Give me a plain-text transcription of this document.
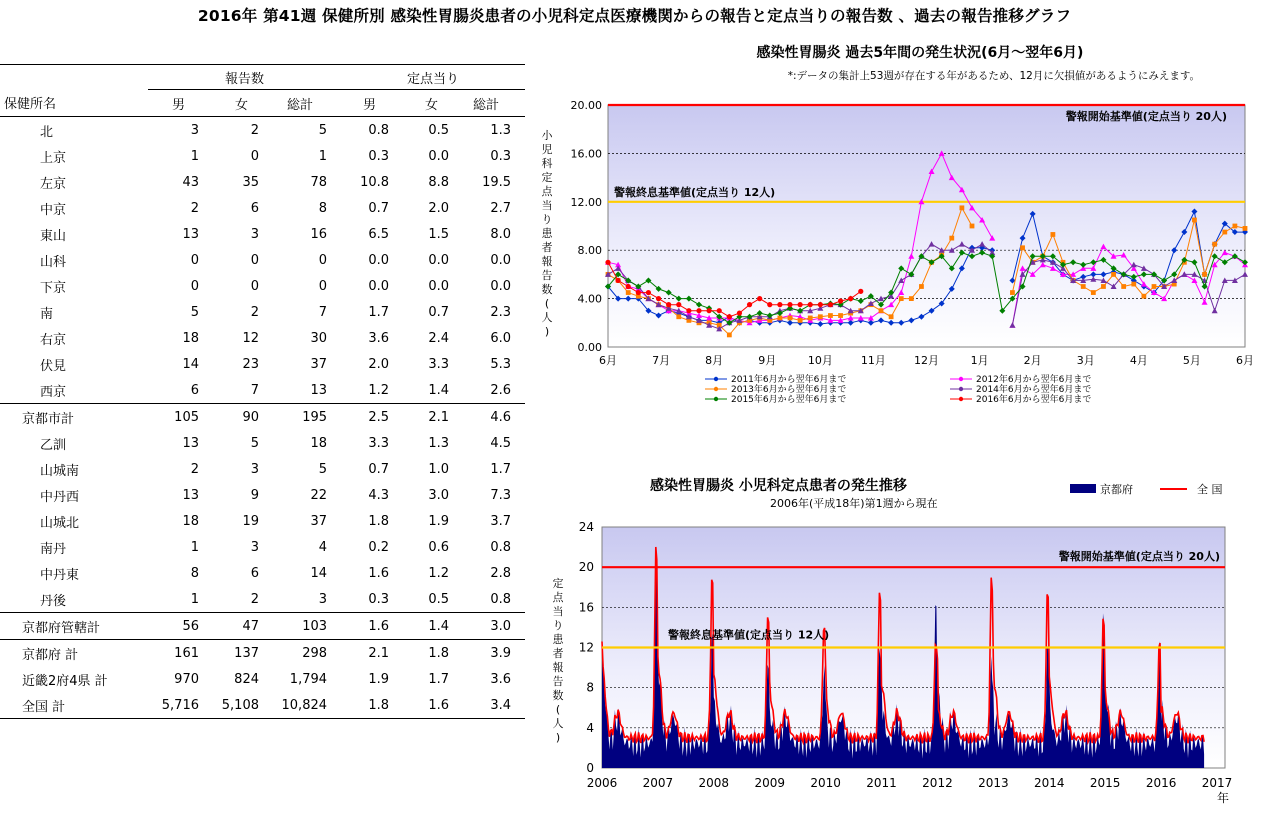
2016年 第41週 保健所別 感染性胃腸炎患者の小児科定点医療機関からの報告と定点当りの報告数 、過去の報告推移グラフ
	報告数			定点当り		
保健所名	男	女	総計	男	女	総計
北	3	2	5	0.8	0.5	1.3
上京	1	0	1	0.3	0.0	0.3
左京	43	35	78	10.8	8.8	19.5
中京	2	6	8	0.7	2.0	2.7
東山	13	3	16	6.5	1.5	8.0
山科	0	0	0	0.0	0.0	0.0
下京	0	0	0	0.0	0.0	0.0
南	5	2	7	1.7	0.7	2.3
右京	18	12	30	3.6	2.4	6.0
伏見	14	23	37	2.0	3.3	5.3
西京	6	7	13	1.2	1.4	2.6
京都市計	105	90	195	2.5	2.1	4.6
乙訓	13	5	18	3.3	1.3	4.5
山城南	2	3	5	0.7	1.0	1.7
中丹西	13	9	22	4.3	3.0	7.3
山城北	18	19	37	1.8	1.9	3.7
南丹	1	3	4	0.2	0.6	0.8
中丹東	8	6	14	1.6	1.2	2.8
丹後	1	2	3	0.3	0.5	0.8
京都府管轄計	56	47	103	1.6	1.4	3.0
京都府 計	161	137	298	2.1	1.8	3.9
近畿2府4県 計	970	824	1,794	1.9	1.7	3.6
全国 計	5,716	5,108	10,824	1.8	1.6	3.4
感染性胃腸炎 過去5年間の発生状況(6月～翌年6月)
*:データの集計上53週が存在する年があるため、12月に欠損値があるようにみえます。
0.00
4.00
8.00
12.00
16.00
20.00
小
児
科
定
点
当
り
患
者
報
告
数
(
人
)
警報開始基準値(定点当り 20人)
警報終息基準値(定点当り 12人)
6月	7月	8月	9月	10月	11月	12月	1月	2月	3月	4月	5月	6月
2011年6月から翌年6月まで	2012年6月から翌年6月まで
2013年6月から翌年6月まで	2014年6月から翌年6月まで
2015年6月から翌年6月まで	2016年6月から翌年6月まで
感染性胃腸炎 小児科定点患者の発生推移
2006年(平成18年)第1週から現在
0
4
8
12
16
20
24
定
点
当
り
患
者
報
告
数
(
人
)
2006 2007 2008 2009 2010 2011 2012 2013 2014 2015 2016 2017
年
警報開始基準値(定点当り 20人)
警報終息基準値(定点当り 12人)
京都府	全 国
